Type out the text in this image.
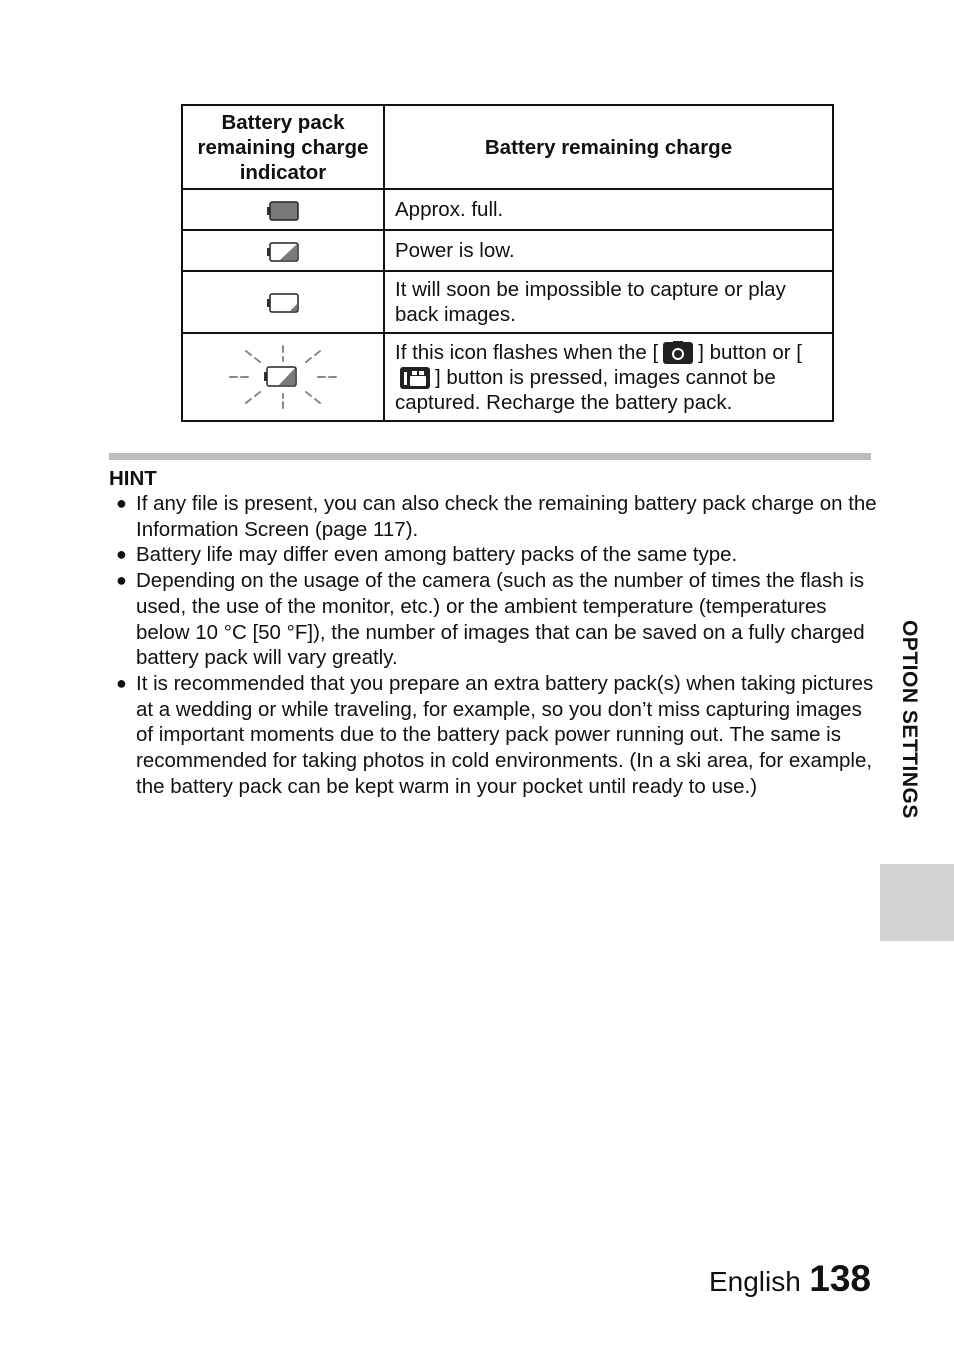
Battery pack remaining charge indicator	Battery remaining charge
	Approx. full.
	Power is low.
	It will soon be impossible to capture or play back images.
	If this icon flashes when the [ ] button or [] button is pressed, images cannot be captured. Recharge the battery pack.
HINT
● If any file is present, you can also check the remaining battery pack charge on the Information Screen (page 117).
● Battery life may differ even among battery packs of the same type.
● Depending on the usage of the camera (such as the number of times the flash is used, the use of the monitor, etc.) or the ambient temperature (temperatures below 10 °C [50 °F]), the number of images that can be saved on a fully charged battery pack will vary greatly.
● It is recommended that you prepare an extra battery pack(s) when taking pictures at a wedding or while traveling, for example, so you don’t miss capturing images of important moments due to the battery pack power running out. The same is recommended for taking photos in cold environments. (In a ski area, for example, the battery pack can be kept warm in your pocket until ready to use.)	OPTION SETTINGS
English 138
